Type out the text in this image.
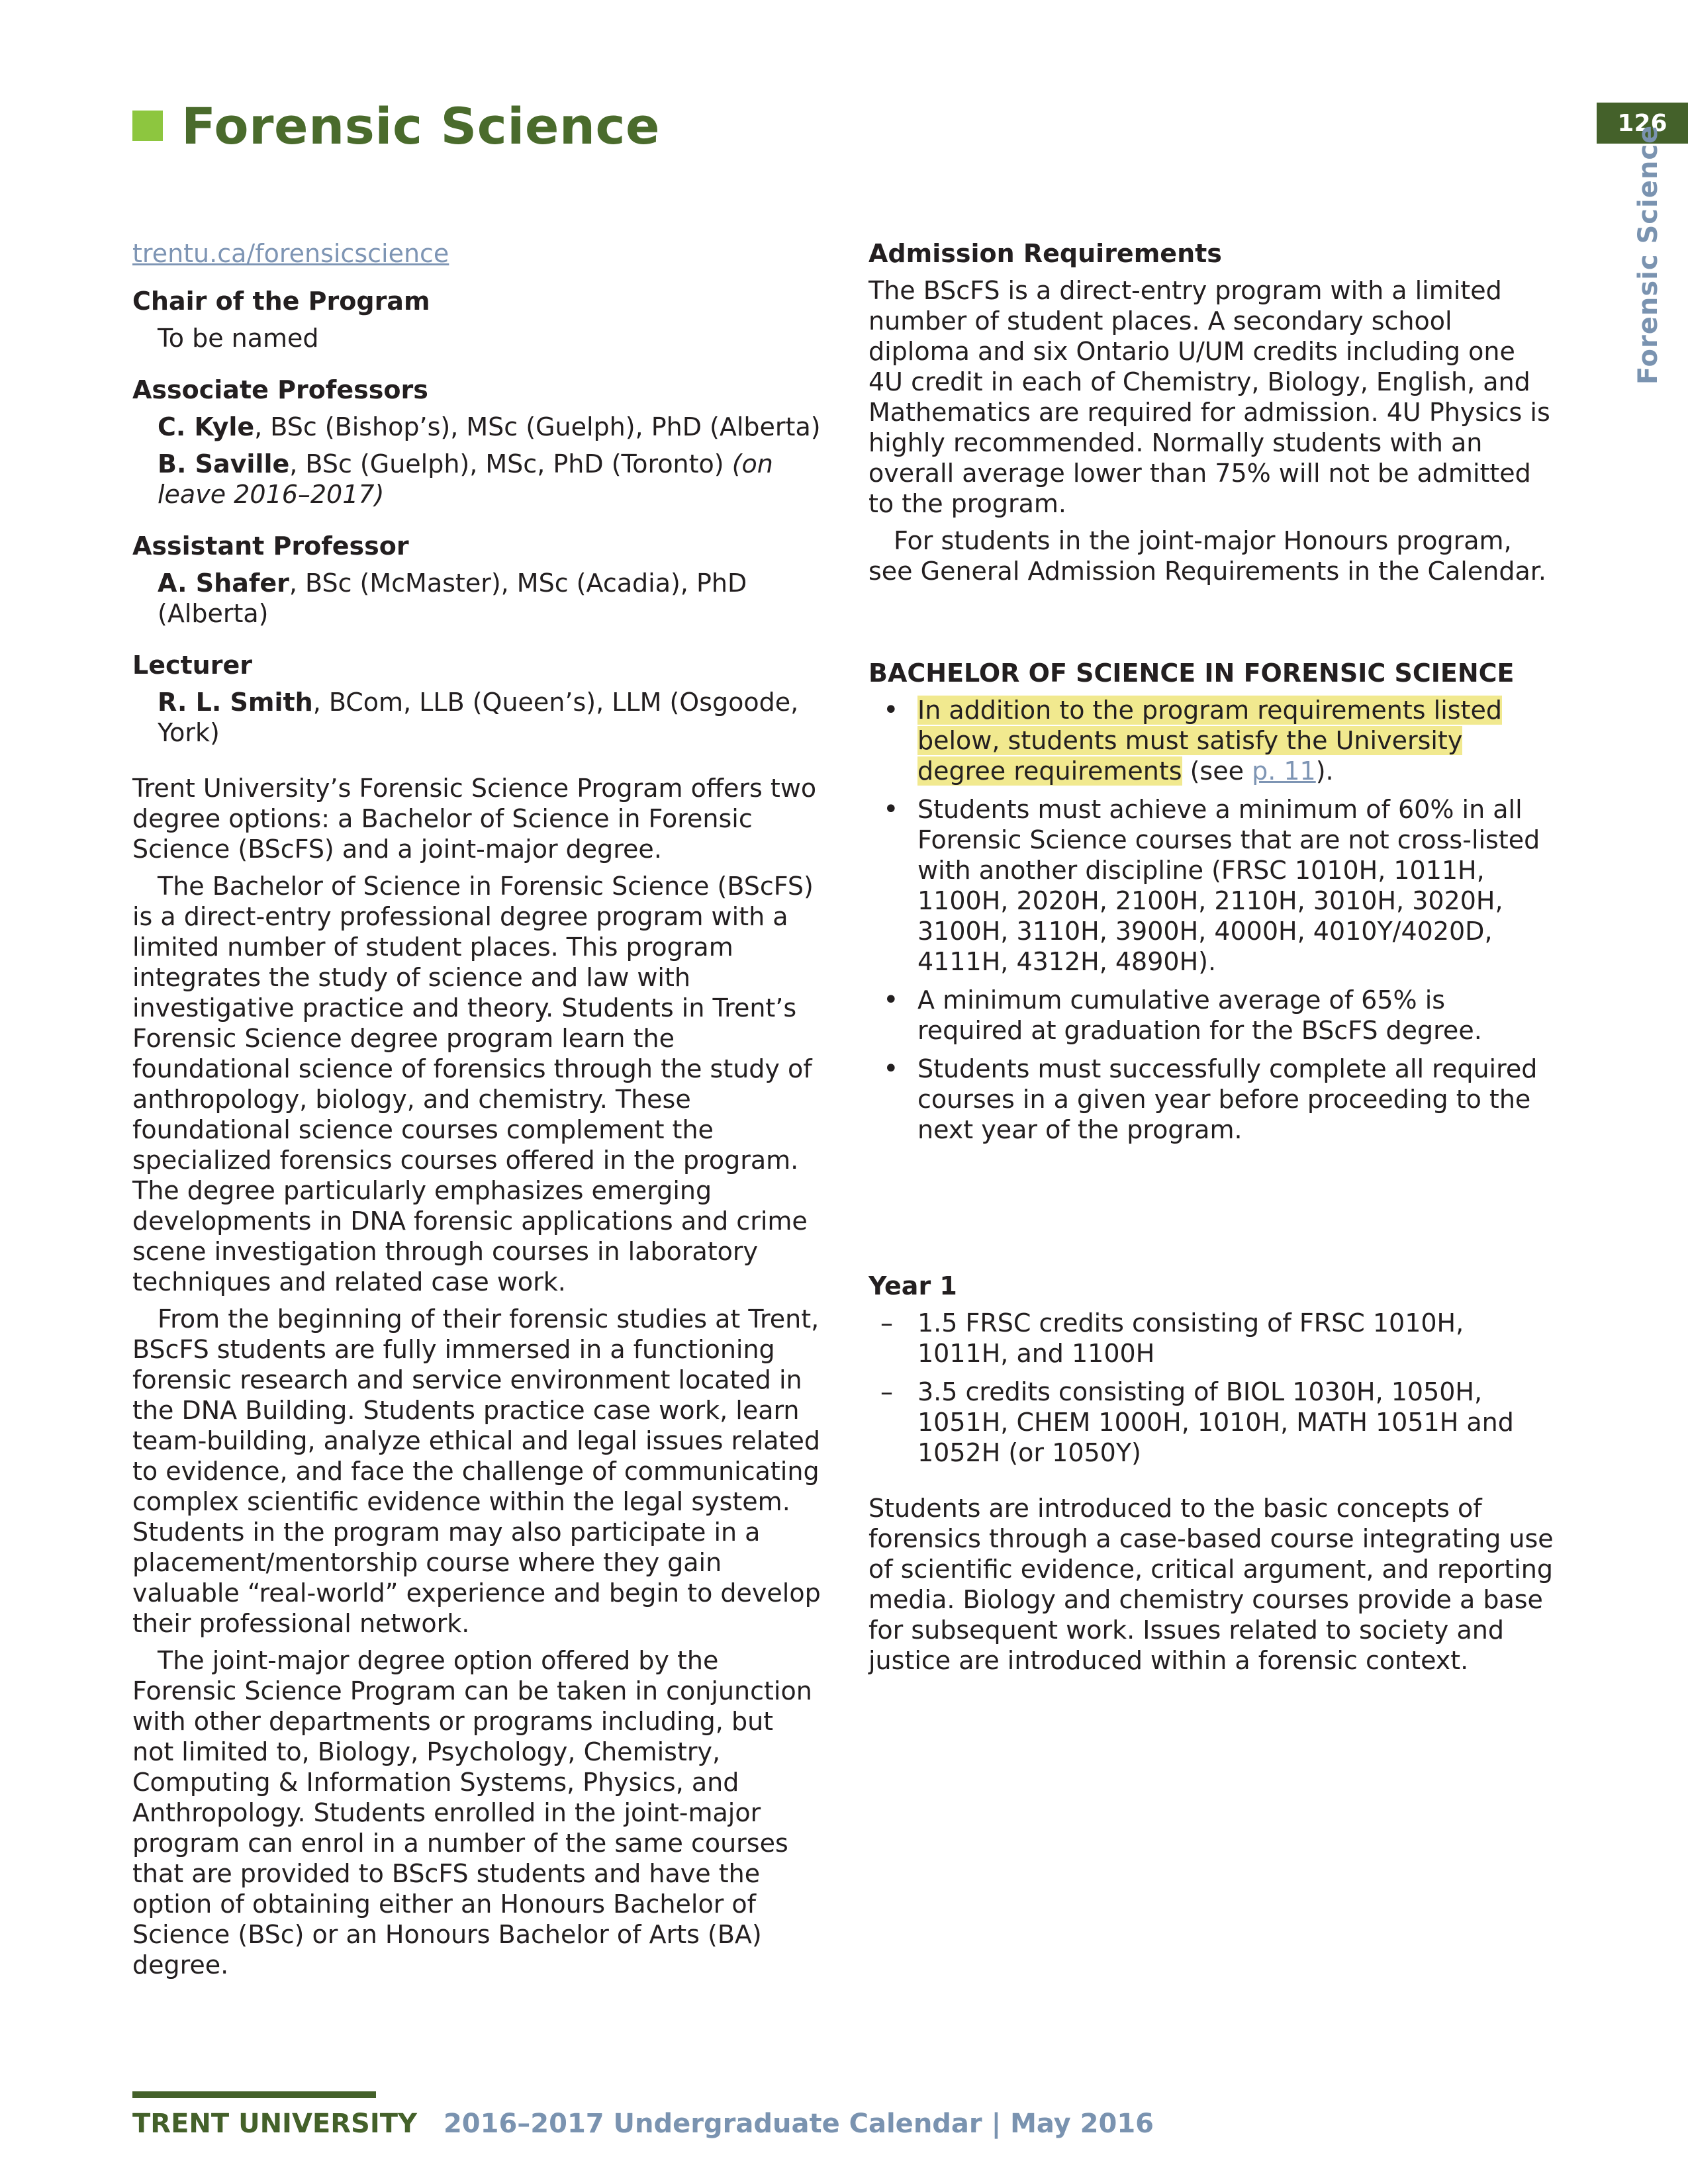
Forensic Science	126
Forensic Science
trentu.ca/forensicscience
Chair of the Program
To be named
Associate Professors
C. Kyle, BSc (Bishop’s), MSc (Guelph), PhD (Alberta)
B. Saville, BSc (Guelph), MSc, PhD (Toronto) (on leave 2016–2017)
Assistant Professor
A. Shafer, BSc (McMaster), MSc (Acadia), PhD (Alberta)
Lecturer
R. L. Smith, BCom, LLB (Queen’s), LLM (Osgoode, York)

Trent University’s Forensic Science Program offers two degree options: a Bachelor of Science in Forensic Science (BScFS) and a joint-major degree.

The Bachelor of Science in Forensic Science (BScFS) is a direct-entry professional degree program with a limited number of student places. This program integrates the study of science and law with investigative practice and theory. Students in Trent’s Forensic Science degree program learn the foundational science of forensics through the study of anthropology, biology, and chemistry. These foundational science courses complement the specialized forensics courses offered in the program. The degree particularly emphasizes emerging developments in DNA forensic applications and crime scene investigation through courses in laboratory techniques and related case work.

From the beginning of their forensic studies at Trent, BScFS students are fully immersed in a functioning forensic research and service environment located in the DNA Building. Students practice case work, learn team-building, analyze ethical and legal issues related to evidence, and face the challenge of communicating complex scientific evidence within the legal system. Students in the program may also participate in a placement/mentorship course where they gain valuable “real-world” experience and begin to develop their professional network.

The joint-major degree option offered by the Forensic Science Program can be taken in conjunction with other departments or programs including, but not limited to, Biology, Psychology, Chemistry, Computing & Information Systems, Physics, and Anthropology. Students enrolled in the joint-major program can enrol in a number of the same courses that are provided to BScFS students and have the option of obtaining either an Honours Bachelor of Science (BSc) or an Honours Bachelor of Arts (BA) degree.

Admission Requirements

The BScFS is a direct-entry program with a limited number of student places. A secondary school diploma and six Ontario U/UM credits including one 4U credit in each of Chemistry, Biology, English, and Mathematics are required for admission. 4U Physics is highly recommended. Normally students with an overall average lower than 75% will not be admitted to the program.

For students in the joint-major Honours program, see General Admission Requirements in the Calendar.

BACHELOR OF SCIENCE IN FORENSIC SCIENCE
• In addition to the program requirements listed below, students must satisfy the University degree requirements (see p. 11).
• Students must achieve a minimum of 60% in all Forensic Science courses that are not cross-listed with another discipline (FRSC 1010H, 1011H, 1100H, 2020H, 2100H, 2110H, 3010H, 3020H, 3100H, 3110H, 3900H, 4000H, 4010Y/4020D, 4111H, 4312H, 4890H).
• A minimum cumulative average of 65% is required at graduation for the BScFS degree.
• Students must successfully complete all required courses in a given year before proceeding to the next year of the program.
Year 1
– 1.5 FRSC credits consisting of FRSC 1010H, 1011H, and 1100H
– 3.5 credits consisting of BIOL 1030H, 1050H, 1051H, CHEM 1000H, 1010H, MATH 1051H and 1052H (or 1050Y)

Students are introduced to the basic concepts of forensics through a case-based course integrating use of scientific evidence, critical argument, and reporting media. Biology and chemistry courses provide a base for subsequent work. Issues related to society and justice are introduced within a forensic context.

TRENT UNIVERSITY 2016–2017 Undergraduate Calendar | May 2016
